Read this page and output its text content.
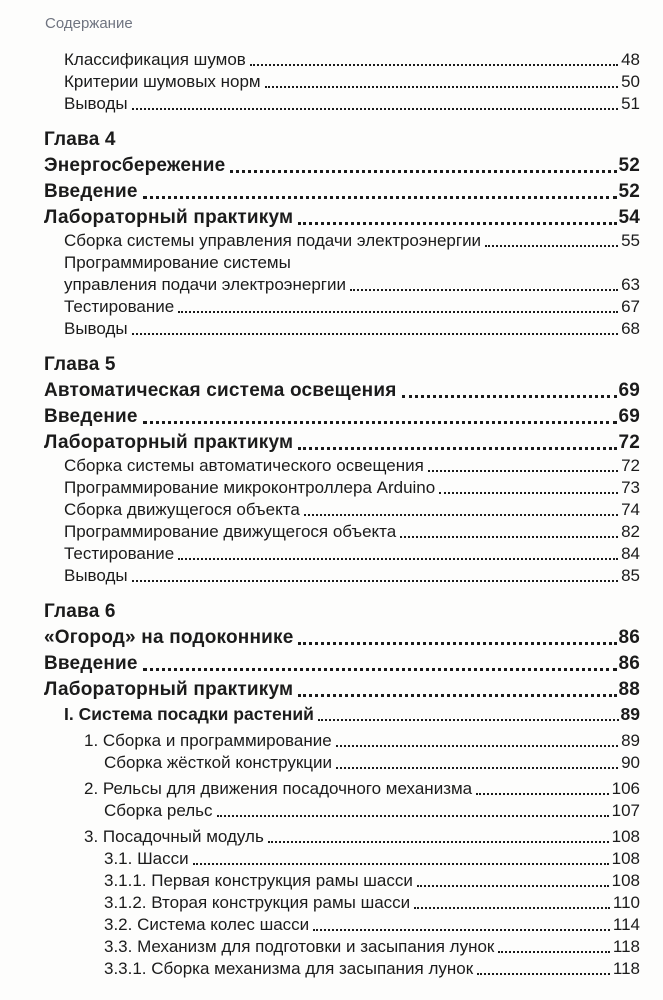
Содержание
Классификация шумов	48
Критерии шумовых норм	50
Выводы	51
Глава 4
Энергосбережение	52
Введение	52
Лабораторный практикум	54
Сборка системы управления подачи электроэнергии	55
Программирование системы
управления подачи электроэнергии	63
Тестирование	67
Выводы	68
Глава 5
Автоматическая система освещения	69
Введение	69
Лабораторный практикум	72
Сборка системы автоматического освещения	72
Программирование микроконтроллера Arduino	73
Сборка движущегося объекта	74
Программирование движущегося объекта	82
Тестирование	84
Выводы	85
Глава 6
«Огород» на подоконнике	86
Введение	86
Лабораторный практикум	88
I. Система посадки растений	89
1. Сборка и программирование	89
Сборка жёсткой конструкции	90
2. Рельсы для движения посадочного механизма	106
Сборка рельс	107
3. Посадочный модуль	108
3.1. Шасси	108
3.1.1. Первая конструкция рамы шасси	108
3.1.2. Вторая конструкция рамы шасси	110
3.2. Система колес шасси	114
3.3. Механизм для подготовки и засыпания лунок	118
3.3.1. Сборка механизма для засыпания лунок	118
